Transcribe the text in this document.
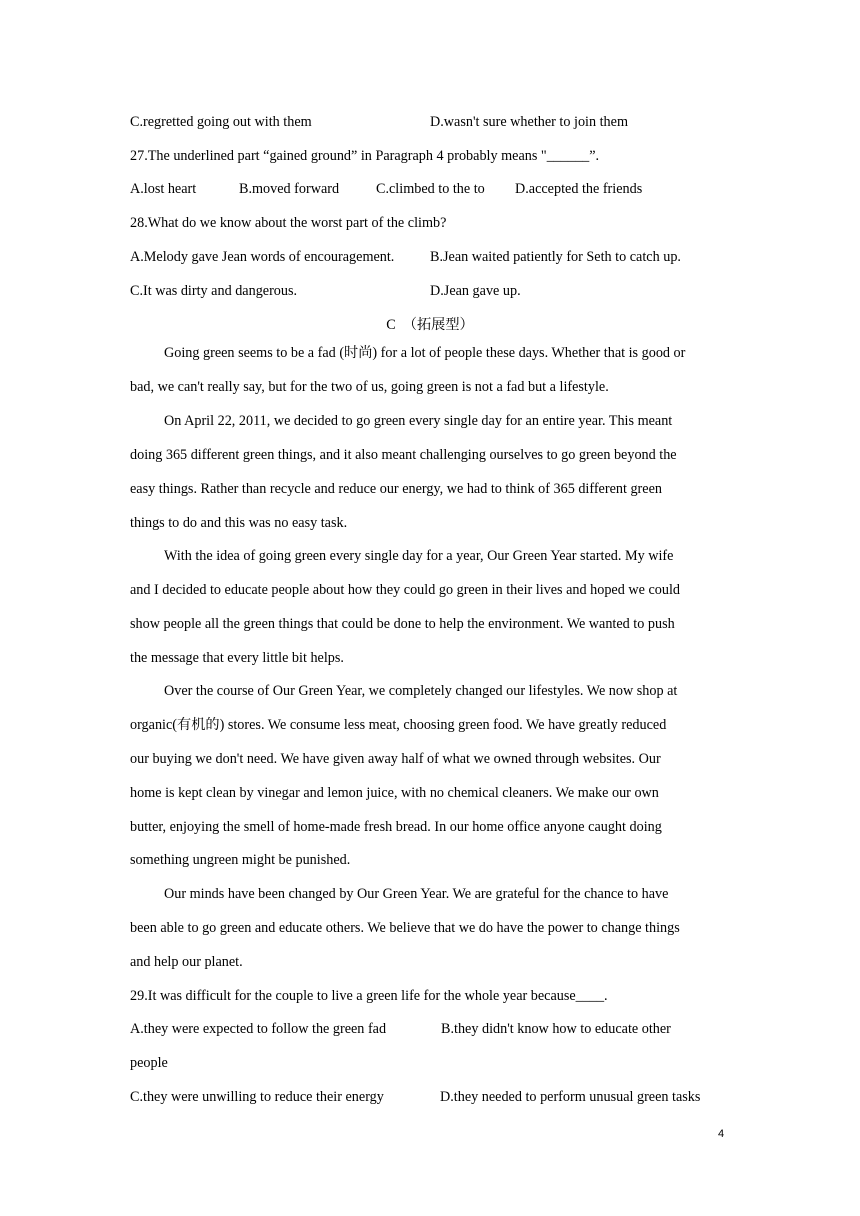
C.regretted going out with them	D.wasn't sure whether to join them
27.The underlined part “gained ground” in Paragraph 4 probably means "______”.
A.lost heart	B.moved forward	C.climbed to the to D.accepted the friends
28.What do we know about the worst part of the climb?
A.Melody gave Jean words of encouragement.	B.Jean waited patiently for Seth to catch up.
C.It was dirty and dangerous.	D.Jean gave up.
C　（拓展型）
Going green seems to be a fad (时尚) for a lot of people these days. Whether that is good or
bad, we can't really say, but for the two of us, going green is not a fad but a lifestyle.
On April 22, 2011, we decided to go green every single day for an entire year. This meant
doing 365 different green things, and it also meant challenging ourselves to go green beyond the
easy things. Rather than recycle and reduce our energy, we had to think of 365 different green
things to do and this was no easy task.
With the idea of going green every single day for a year, Our Green Year started. My wife
and I decided to educate people about how they could go green in their lives and hoped we could
show people all the green things that could be done to help the environment. We wanted to push
the message that every little bit helps.
Over the course of Our Green Year, we completely changed our lifestyles. We now shop at
organic(有机的) stores. We consume less meat, choosing green food. We have greatly reduced
our buying we don't need. We have given away half of what we owned through websites. Our
home is kept clean by vinegar and lemon juice, with no chemical cleaners. We make our own
butter, enjoying the smell of home-made fresh bread. In our home office anyone caught doing
something ungreen might be punished.
Our minds have been changed by Our Green Year. We are grateful for the chance to have
been able to go green and educate others. We believe that we do have the power to change things
and help our planet.
29.It was difficult for the couple to live a green life for the whole year because____.
A.they were expected to follow the green fad	B.they didn't know how to educate other
people
C.they were unwilling to reduce their energy	D.they needed to perform unusual green tasks
4
